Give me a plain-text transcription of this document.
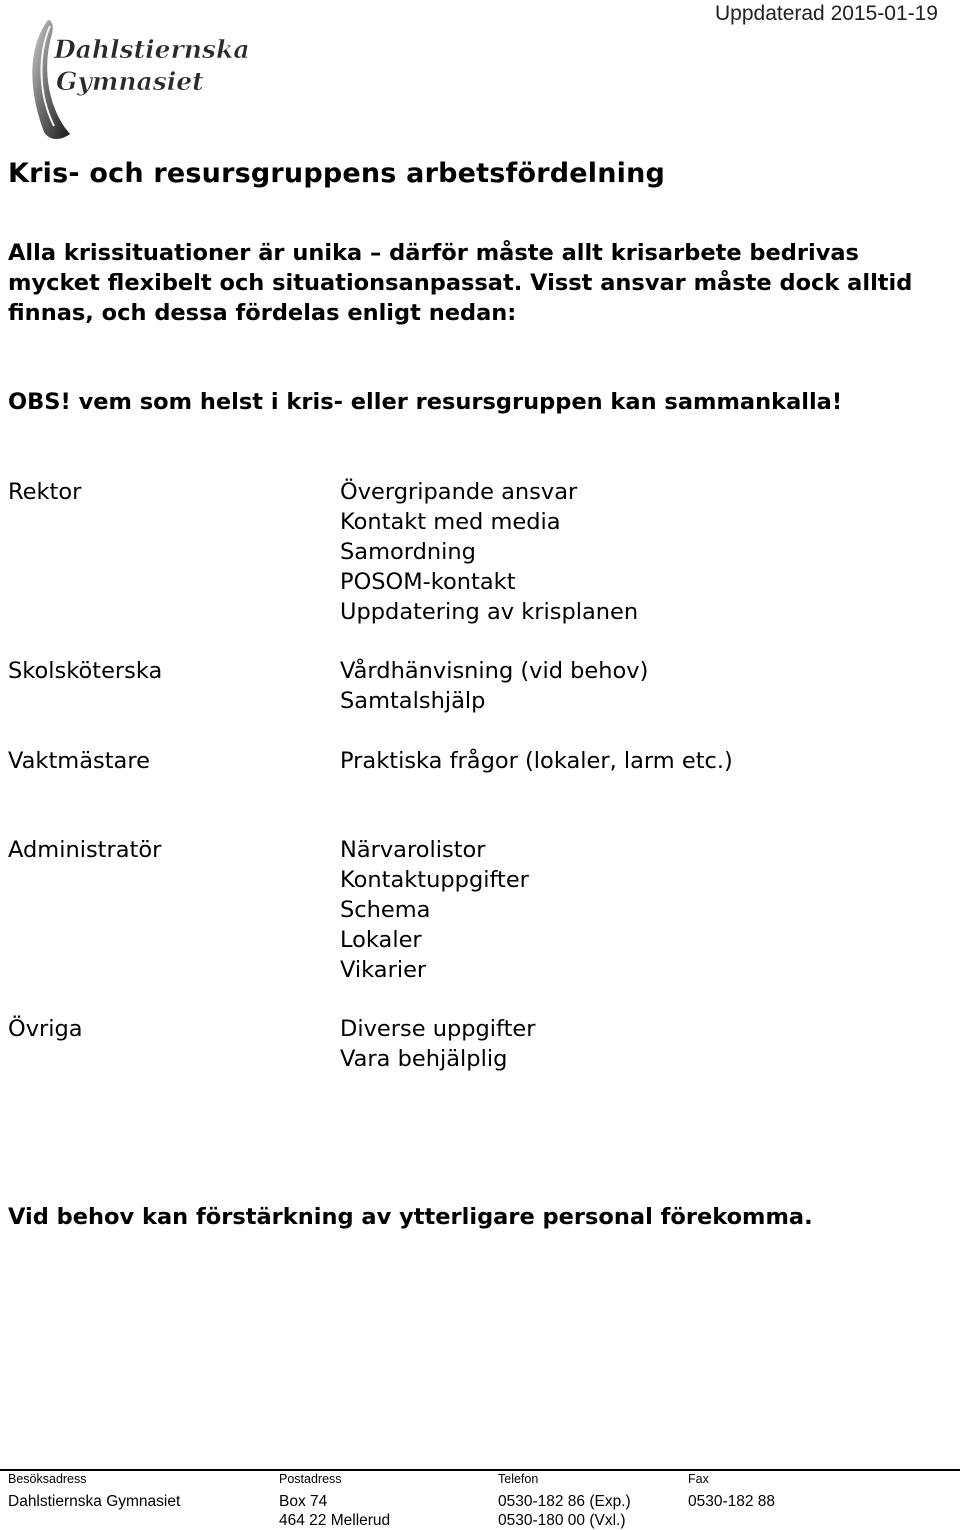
Uppdaterad 2015-01-19
Dahlstiernska
Gymnasiet
Kris- och resursgruppens arbetsfördelning

Alla krissituationer är unika – därför måste allt krisarbete bedrivas mycket flexibelt och situationsanpassat. Visst ansvar måste dock alltid finnas, och dessa fördelas enligt nedan:

OBS! vem som helst i kris- eller resursgruppen kan sammankalla!

Rektor	Övergripande ansvar
Kontakt med media
Samordning
POSOM-kontakt
Uppdatering av krisplanen
Skolsköterska	Vårdhänvisning (vid behov)
Samtalshjälp
Vaktmästare	Praktiska frågor (lokaler, larm etc.)
Administratör	Närvarolistor
Kontaktuppgifter
Schema
Lokaler
Vikarier
Övriga	Diverse uppgifter
Vara behjälplig

Vid behov kan förstärkning av ytterligare personal förekomma.

Besöksadress
Dahlstiernska Gymnasiet
Postadress
Box 74
464 22 Mellerud
Telefon
0530-182 86 (Exp.)
0530-180 00 (Vxl.)
Fax
0530-182 88
